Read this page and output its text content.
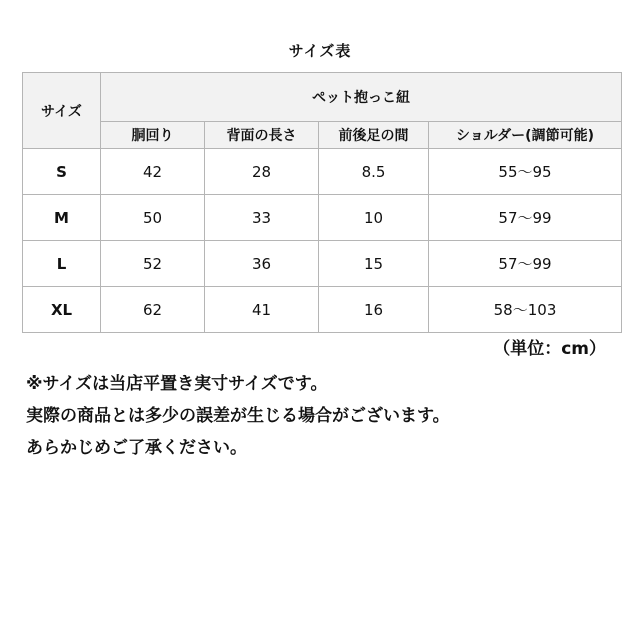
サイズ表
サイズ	ペット抱っこ紐			
	胴回り	背面の長さ	前後足の間	ショルダー(調節可能)
S	42	28	8.5	55～95
M	50	33	10	57～99
L	52	36	15	57～99
XL	62	41	16	58～103
（単位：cm）

※サイズは当店平置き実寸サイズです。

実際の商品とは多少の誤差が生じる場合がございます。

あらかじめご了承ください。
